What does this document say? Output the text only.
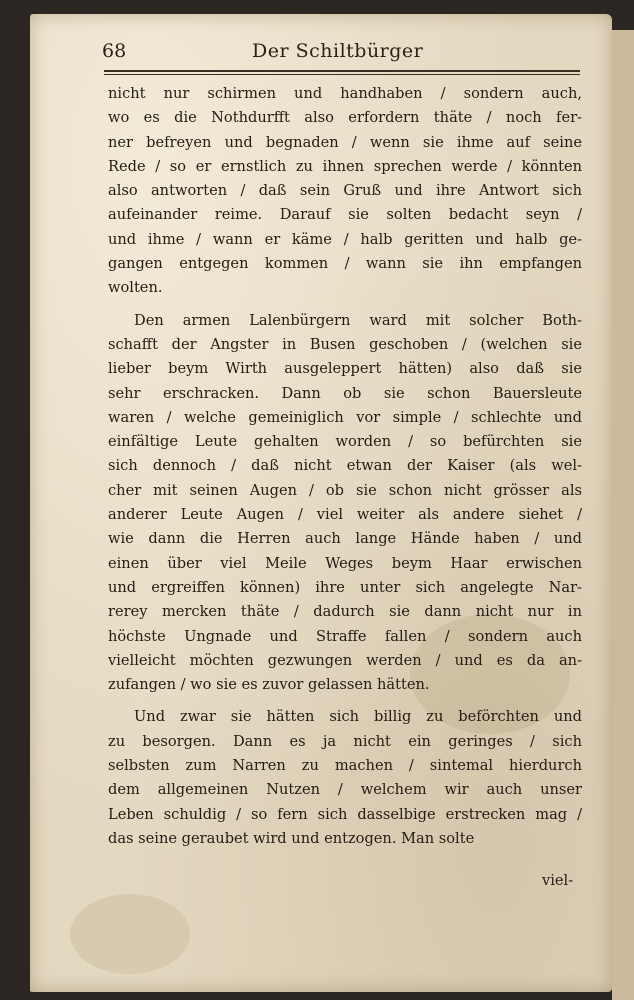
68	Der Schiltbürger
nicht nur schirmen und handhaben / sondern auch,
wo es die Nothdurfft also erfordern thäte / noch fer-
ner befreyen und begnaden / wenn sie ihme auf seine
Rede / so er ernstlich zu ihnen sprechen werde / könnten
also antworten / daß sein Gruß und ihre Antwort sich
aufeinander reime. Darauf sie solten bedacht seyn /
und ihme / wann er käme / halb geritten und halb ge-
gangen entgegen kommen / wann sie ihn empfangen
wolten.
Den armen Lalenbürgern ward mit solcher Both-
schafft der Angster in Busen geschoben / (welchen sie
lieber beym Wirth ausgeleppert hätten) also daß sie
sehr erschracken. Dann ob sie schon Bauersleute
waren / welche gemeiniglich vor simple / schlechte und
einfältige Leute gehalten worden / so befürchten sie
sich dennoch / daß nicht etwan der Kaiser (als wel-
cher mit seinen Augen / ob sie schon nicht grösser als
anderer Leute Augen / viel weiter als andere siehet /
wie dann die Herren auch lange Hände haben / und
einen über viel Meile Weges beym Haar erwischen
und ergreiffen können) ihre unter sich angelegte Nar-
rerey mercken thäte / dadurch sie dann nicht nur in
höchste Ungnade und Straffe fallen / sondern auch
vielleicht möchten gezwungen werden / und es da an-
zufangen / wo sie es zuvor gelassen hätten.
Und zwar sie hätten sich billig zu beförchten und
zu besorgen. Dann es ja nicht ein geringes / sich
selbsten zum Narren zu machen / sintemal hierdurch
dem allgemeinen Nutzen / welchem wir auch unser
Leben schuldig / so fern sich dasselbige erstrecken mag /
das seine geraubet wird und entzogen. Man solte
viel-
